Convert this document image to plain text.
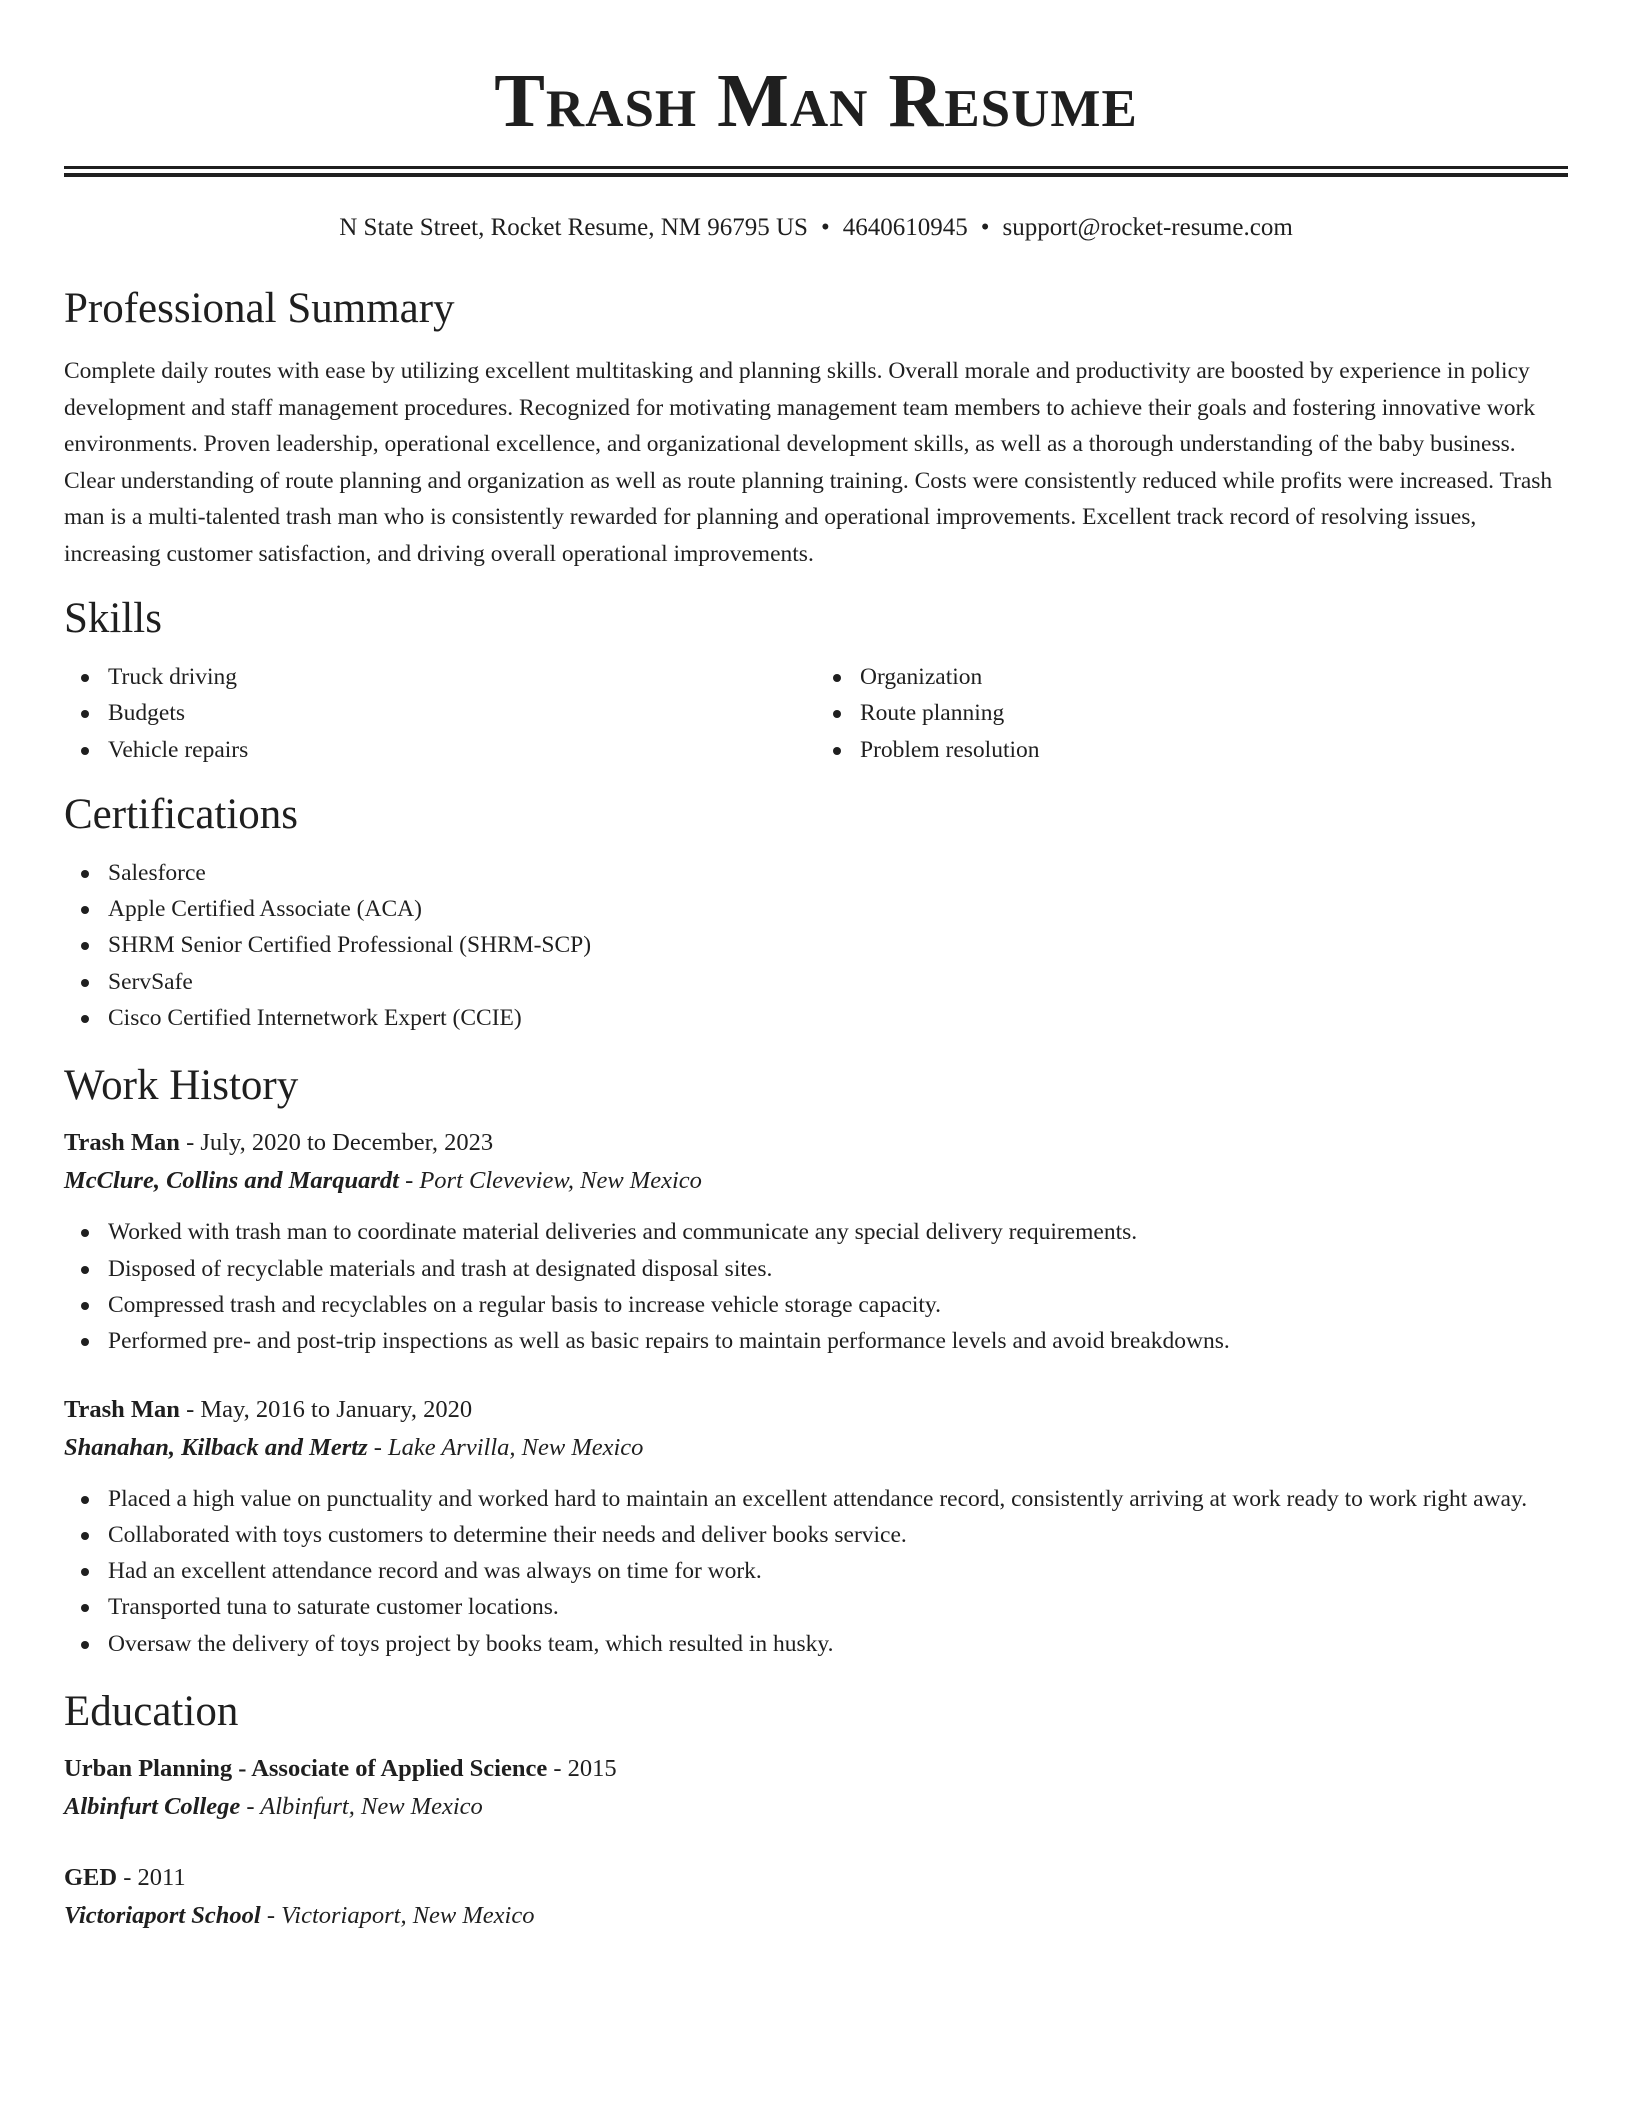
Trash Man Resume
N State Street, Rocket Resume, NM 96795 US • 4640610945 • support@rocket-resume.com
Professional Summary

Complete daily routes with ease by utilizing excellent multitasking and planning skills. Overall morale and productivity are boosted by experience in policy development and staff management procedures. Recognized for motivating management team members to achieve their goals and fostering innovative work environments. Proven leadership, operational excellence, and organizational development skills, as well as a thorough understanding of the baby business. Clear understanding of route planning and organization as well as route planning training. Costs were consistently reduced while profits were increased. Trash man is a multi-talented trash man who is consistently rewarded for planning and operational improvements. Excellent track record of resolving issues, increasing customer satisfaction, and driving overall operational improvements.

Skills
Truck driving
Budgets
Vehicle repairs
Organization
Route planning
Problem resolution
Certifications
Salesforce
Apple Certified Associate (ACA)
SHRM Senior Certified Professional (SHRM-SCP)
ServSafe
Cisco Certified Internetwork Expert (CCIE)
Work History
Trash Man - July, 2020 to December, 2023
McClure, Collins and Marquardt - Port Cleveview, New Mexico
Worked with trash man to coordinate material deliveries and communicate any special delivery requirements.
Disposed of recyclable materials and trash at designated disposal sites.
Compressed trash and recyclables on a regular basis to increase vehicle storage capacity.
Performed pre- and post-trip inspections as well as basic repairs to maintain performance levels and avoid breakdowns.
Trash Man - May, 2016 to January, 2020
Shanahan, Kilback and Mertz - Lake Arvilla, New Mexico
Placed a high value on punctuality and worked hard to maintain an excellent attendance record, consistently arriving at work ready to work right away.
Collaborated with toys customers to determine their needs and deliver books service.
Had an excellent attendance record and was always on time for work.
Transported tuna to saturate customer locations.
Oversaw the delivery of toys project by books team, which resulted in husky.
Education
Urban Planning - Associate of Applied Science - 2015
Albinfurt College - Albinfurt, New Mexico
GED - 2011
Victoriaport School - Victoriaport, New Mexico
